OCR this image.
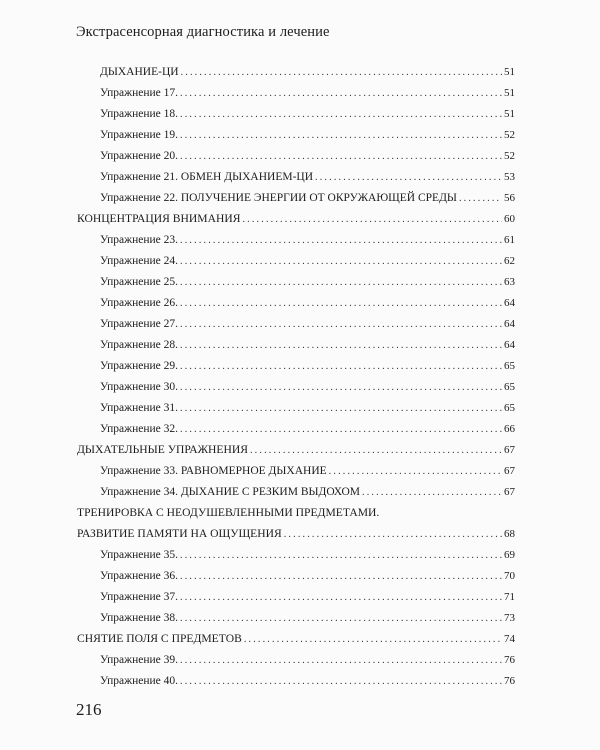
Экстрасенсорная диагностика и лечение
ДЫХАНИЕ-ЦИ .....	51
Упражнение 17. .....	51
Упражнение 18. .....	51
Упражнение 19. .....	52
Упражнение 20. .....	52
Упражнение 21. ОБМЕН ДЫХАНИЕМ-ЦИ .....	53
Упражнение 22. ПОЛУЧЕНИЕ ЭНЕРГИИ ОТ ОКРУЖАЮЩЕЙ СРЕДЫ .....	56
КОНЦЕНТРАЦИЯ ВНИМАНИЯ .....	60
Упражнение 23. .....	61
Упражнение 24. .....	62
Упражнение 25. .....	63
Упражнение 26. .....	64
Упражнение 27. .....	64
Упражнение 28. .....	64
Упражнение 29. .....	65
Упражнение 30. .....	65
Упражнение 31. .....	65
Упражнение 32. .....	66
ДЫХАТЕЛЬНЫЕ УПРАЖНЕНИЯ .....	67
Упражнение 33. РАВНОМЕРНОЕ ДЫХАНИЕ .....	67
Упражнение 34. ДЫХАНИЕ С РЕЗКИМ ВЫДОХОМ .....	67
ТРЕНИРОВКА С НЕОДУШЕВЛЕННЫМИ ПРЕДМЕТАМИ.
РАЗВИТИЕ ПАМЯТИ НА ОЩУЩЕНИЯ .....	68
Упражнение 35. .....	69
Упражнение 36. .....	70
Упражнение 37. .....	71
Упражнение 38. .....	73
СНЯТИЕ ПОЛЯ С ПРЕДМЕТОВ .....	74
Упражнение 39. .....	76
Упражнение 40. .....	76
216
